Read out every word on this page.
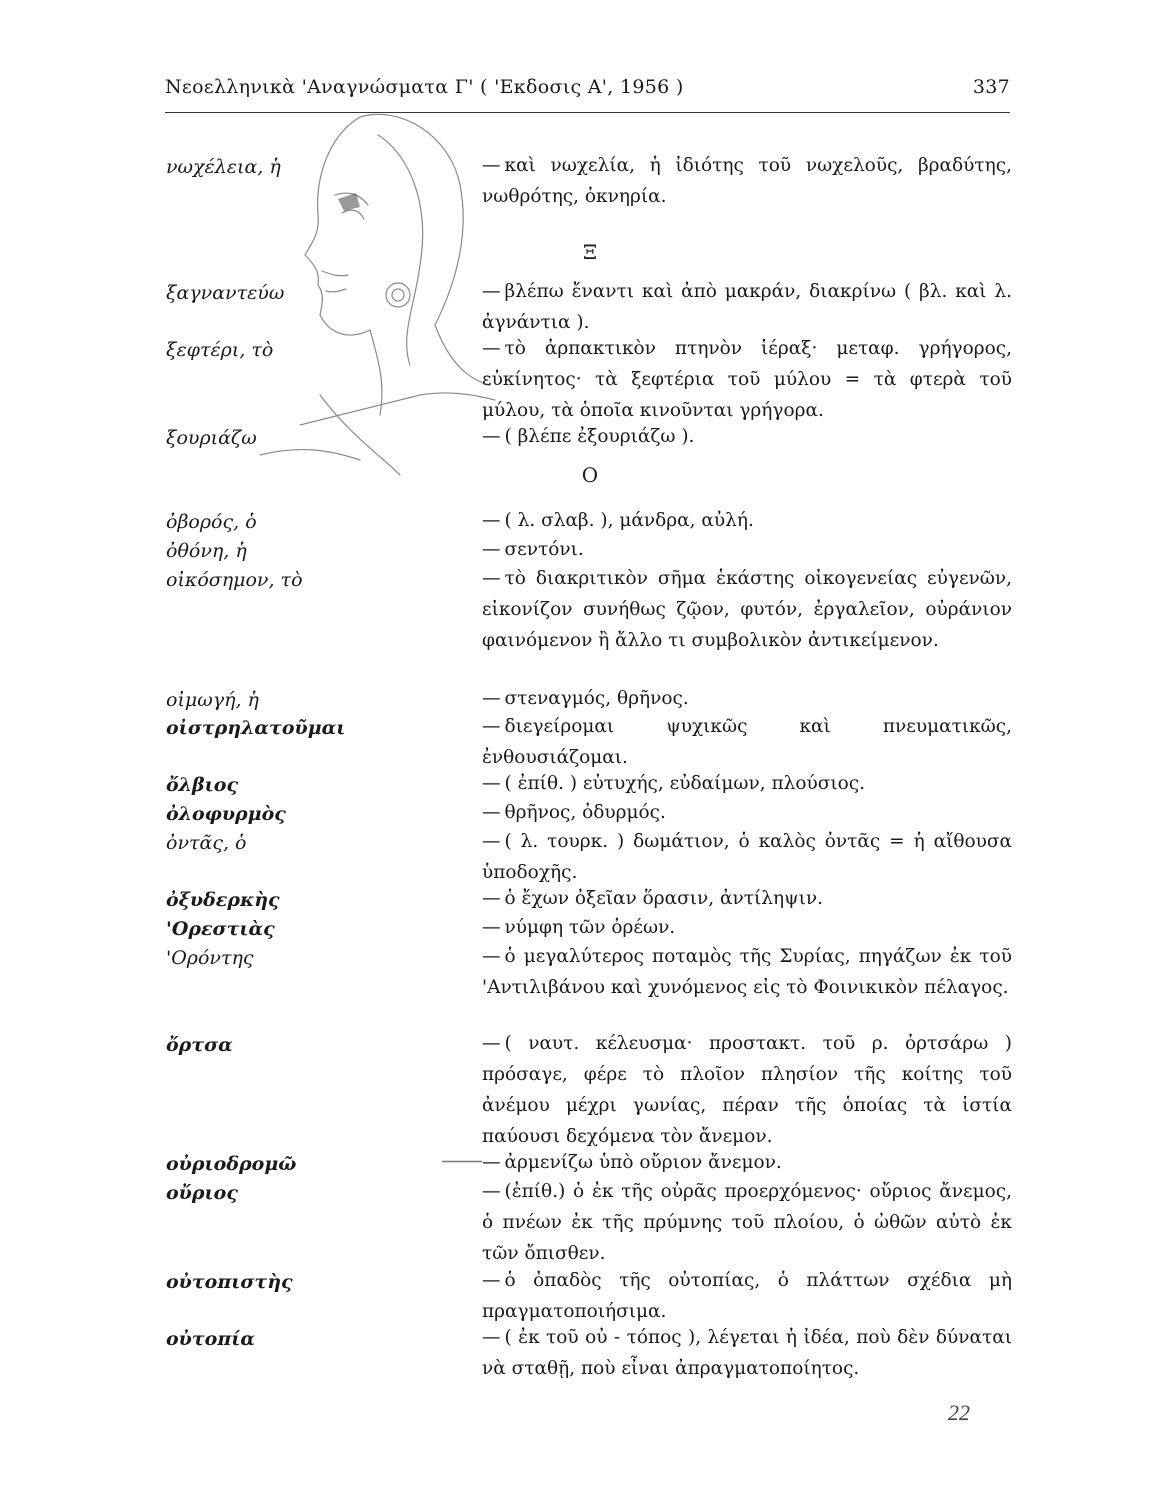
Νεοελληνικὰ 'Αναγνώσματα Γ' ( 'Εκδοσις Α', 1956 )	337
νωχέλεια, ἡ	— καὶ νωχελία, ἡ ἰδιότης τοῦ νωχελοῦς, βραδύτης, νωθρότης, ὀκνηρία.
Ξ
ξαγναντεύω	— βλέπω ἔναντι καὶ ἀπὸ μακράν, διακρίνω ( βλ. καὶ λ. ἀγνάντια ).
ξεφτέρι, τὸ	— τὸ ἁρπακτικὸν πτηνὸν ἱέραξ· μεταφ. γρήγορος, εὐκίνητος· τὰ ξεφτέρια τοῦ μύλου = τὰ φτερὰ τοῦ μύλου, τὰ ὁποῖα κινοῦνται γρήγορα.
ξουριάζω	— ( βλέπε ἐξουριάζω ).
Ο
ὀβορός, ὁ	— ( λ. σλαβ. ), μάνδρα, αὐλή.
ὀθόνη, ἡ	— σεντόνι.
οἰκόσημον, τὸ	— τὸ διακριτικὸν σῆμα ἑκάστης οἰκογενείας εὐγενῶν, εἰκονίζον συνήθως ζῷον, φυτόν, ἐργαλεῖον, οὐράνιον φαινόμενον ἢ ἄλλο τι συμβολικὸν ἀντικείμενον.
οἰμωγή, ἡ	— στεναγμός, θρῆνος.
οἰστρηλατοῦμαι	— διεγείρομαι ψυχικῶς καὶ πνευματικῶς, ἐνθουσιάζομαι.
ὄλβιος	— ( ἐπίθ. ) εὐτυχής, εὐδαίμων, πλούσιος.
ὀλοφυρμὸς	— θρῆνος, ὀδυρμός.
ὀντᾶς, ὁ	— ( λ. τουρκ. ) δωμάτιον, ὁ καλὸς ὀντᾶς = ἡ αἴθουσα ὑποδοχῆς.
ὀξυδερκὴς	— ὁ ἔχων ὀξεῖαν ὅρασιν, ἀντίληψιν.
'Ορεστιὰς	— νύμφη τῶν ὀρέων.
'Ορόντης	— ὁ μεγαλύτερος ποταμὸς τῆς Συρίας, πηγάζων ἐκ τοῦ 'Αντιλιβάνου καὶ χυνόμενος εἰς τὸ Φοινικικὸν πέλαγος.
ὄρτσα	— ( ναυτ. κέλευσμα· προστακτ. τοῦ ρ. ὀρτσάρω ) πρόσαγε, φέρε τὸ πλοῖον πλησίον τῆς κοίτης τοῦ ἀνέμου μέχρι γωνίας, πέραν τῆς ὁποίας τὰ ἱστία παύουσι δεχόμενα τὸν ἄνεμον.
οὐριοδρομῶ	— ἀρμενίζω ὑπὸ οὔριον ἄνεμον.
οὔριος	— (ἐπίθ.) ὁ ἐκ τῆς οὐρᾶς προερχόμενος· οὔριος ἄνεμος, ὁ πνέων ἐκ τῆς πρύμνης τοῦ πλοίου, ὁ ὠθῶν αὐτὸ ἐκ τῶν ὄπισθεν.
οὐτοπιστὴς	— ὁ ὀπαδὸς τῆς οὐτοπίας, ὁ πλάττων σχέδια μὴ πραγματοποιήσιμα.
οὐτοπία	— ( ἐκ τοῦ οὐ - τόπος ), λέγεται ἡ ἰδέα, ποὺ δὲν δύναται νὰ σταθῇ, ποὺ εἶναι ἀπραγματοποίητος.
22
